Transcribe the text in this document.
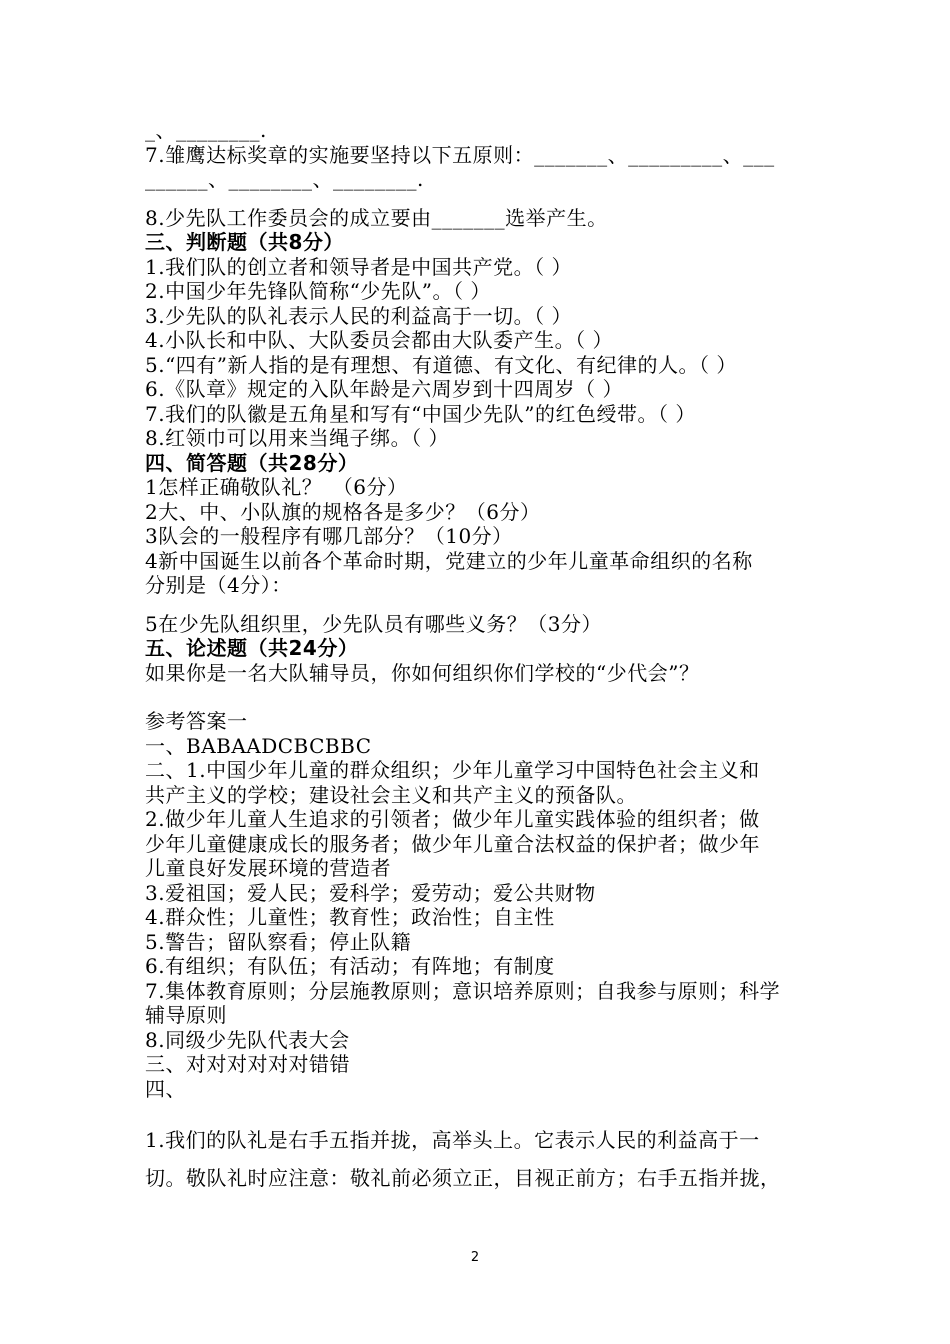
_、________.
7.雏鹰达标奖章的实施要坚持以下五原则：_______、_________、___
______、________、________.
8.少先队工作委员会的成立要由_______选举产生。
三、判断题（共8分）
1.我们队的创立者和领导者是中国共产党。（ ）
2.中国少年先锋队简称“少先队”。（ ）
3.少先队的队礼表示人民的利益高于一切。（ ）
4.小队长和中队、大队委员会都由大队委产生。（ ）
5.“四有”新人指的是有理想、有道德、有文化、有纪律的人。（ ）
6.《队章》规定的入队年龄是六周岁到十四周岁（ ）
7.我们的队徽是五角星和写有“中国少先队”的红色绶带。（ ）
8.红领巾可以用来当绳子绑。（ ）
四、简答题（共28分）
1怎样正确敬队礼？　（6分）
2大、中、小队旗的规格各是多少？（6分）
3队会的一般程序有哪几部分？（10分）
4新中国诞生以前各个革命时期，党建立的少年儿童革命组织的名称
分别是（4分）：
5在少先队组织里，少先队员有哪些义务？（3分）
五、论述题（共24分）
如果你是一名大队辅导员，你如何组织你们学校的“少代会”？
参考答案一
一、BABAADCBCBBC
二、1.中国少年儿童的群众组织；少年儿童学习中国特色社会主义和
共产主义的学校；建设社会主义和共产主义的预备队。
2.做少年儿童人生追求的引领者；做少年儿童实践体验的组织者；做
少年儿童健康成长的服务者；做少年儿童合法权益的保护者；做少年
儿童良好发展环境的营造者
3.爱祖国；爱人民；爱科学；爱劳动；爱公共财物
4.群众性；儿童性；教育性；政治性；自主性
5.警告；留队察看；停止队籍
6.有组织；有队伍；有活动；有阵地；有制度
7.集体教育原则；分层施教原则；意识培养原则；自我参与原则；科学
辅导原则
8.同级少先队代表大会
三、对对对对对对错错
四、
1.我们的队礼是右手五指并拢，高举头上。它表示人民的利益高于一
切。敬队礼时应注意：敬礼前必须立正，目视正前方；右手五指并拢，
2
